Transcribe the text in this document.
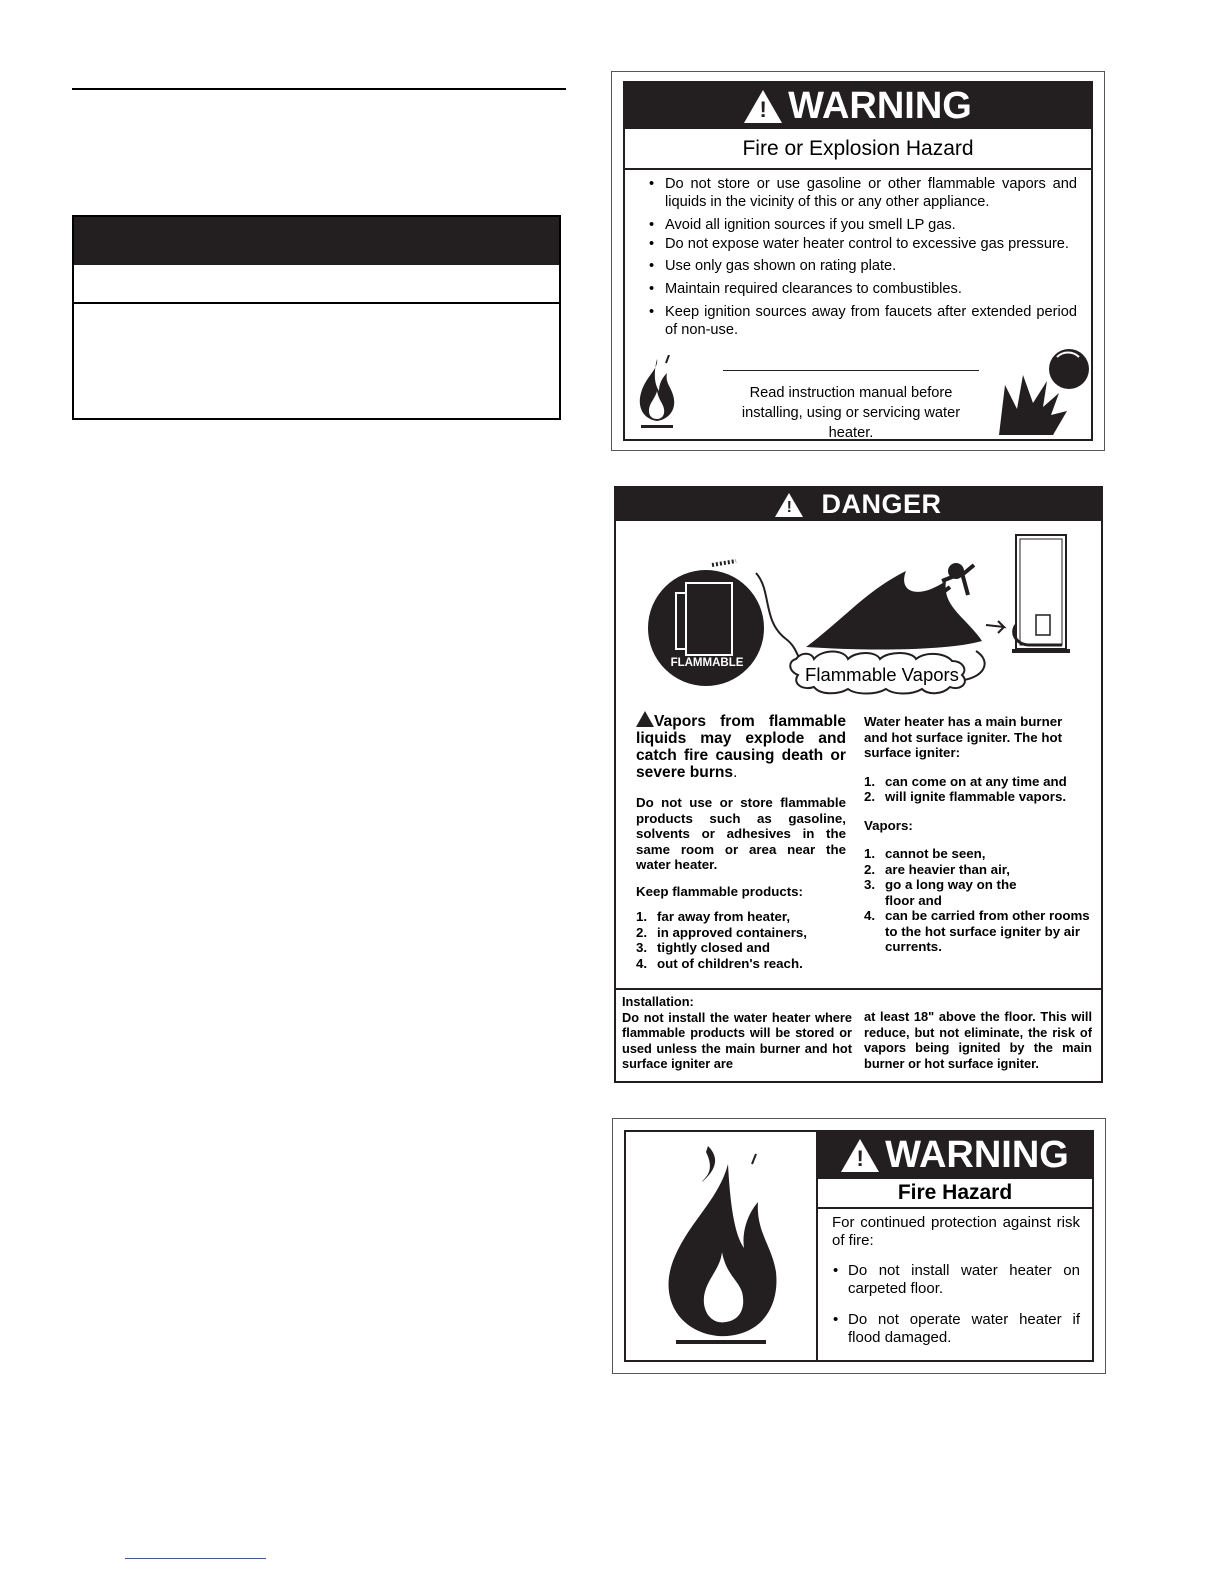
! WARNING
Fire or Explosion Hazard
• Do not store or use gasoline or other flammable vapors and liquids in the vicinity of this or any other appliance.
• Avoid all ignition sources if you smell LP gas.
• Do not expose water heater control to excessive gas pressure.
• Use only gas shown on rating plate.
• Maintain required clearances to combustibles.
• Keep ignition sources away from faucets after extended period of non-use.
Read instruction manual before installing, using or servicing water heater.
! DANGER
FLAMMABLE
Flammable Vapors

Vapors from flammable liquids may explode and catch fire causing death or severe burns.

Do not use or store flammable products such as gasoline, solvents or adhesives in the same room or area near the water heater.

Keep flammable products:

1. far away from heater,
2. in approved containers,
3. tightly closed and
4. out of children's reach.

Water heater has a main burner and hot surface igniter. The hot surface igniter:

1. can come on at any time and
2. will ignite flammable vapors.

Vapors:

1. cannot be seen,
2. are heavier than air,
3. go a long way on the floor and
4. can be carried from other rooms to the hot surface igniter by air currents.
Installation:
Do not install the water heater where flammable products will be stored or used unless the main burner and hot surface igniter are
at least 18" above the floor. This will reduce, but not eliminate, the risk of vapors being ignited by the main burner or hot surface igniter.
! WARNING
Fire Hazard

For continued protection against risk of fire:

• Do not install water heater on carpeted floor.
• Do not operate water heater if flood damaged.
